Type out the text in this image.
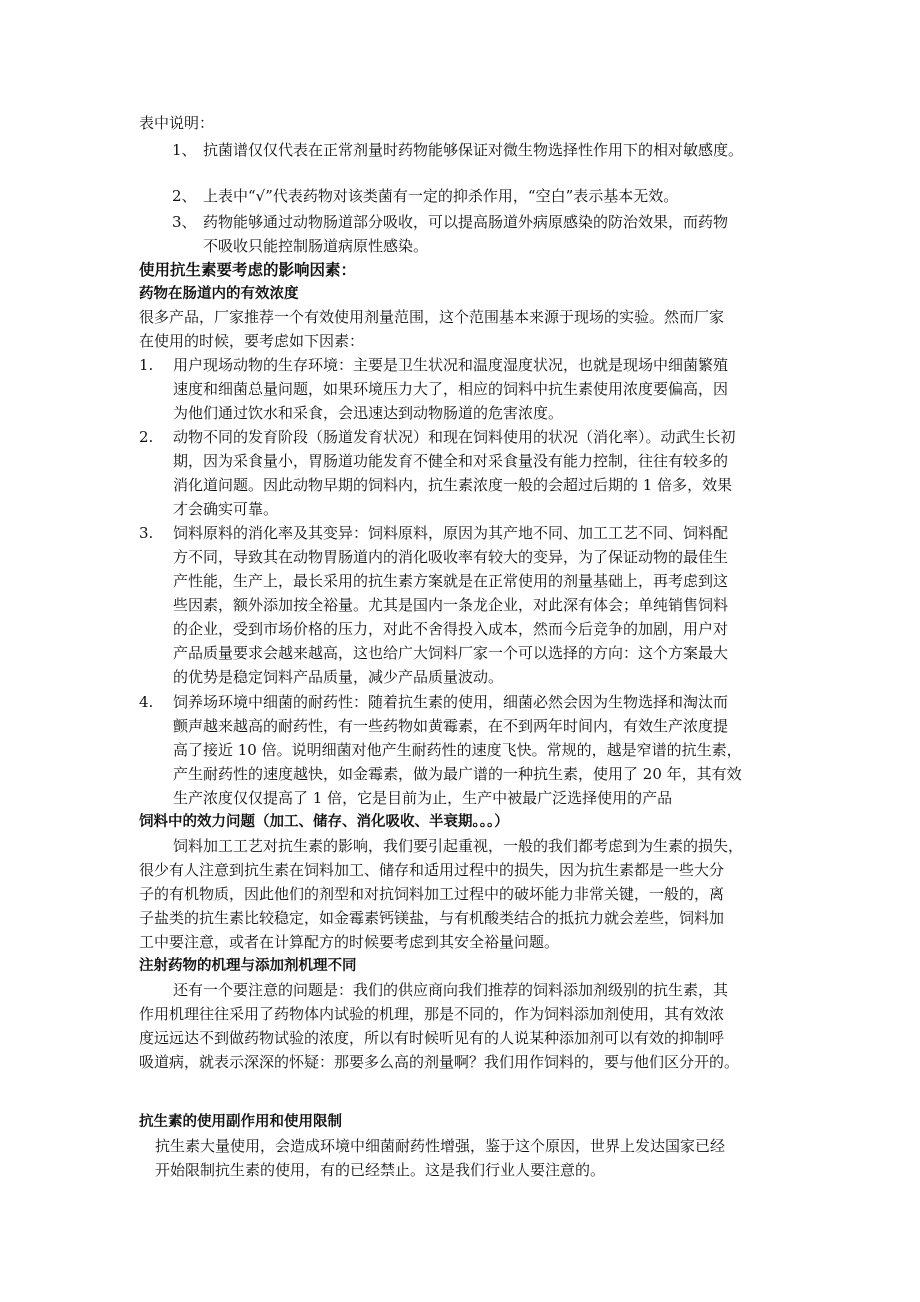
表中说明：
1、 抗菌谱仅仅代表在正常剂量时药物能够保证对微生物选择性作用下的相对敏感度。
2、 上表中“√”代表药物对该类菌有一定的抑杀作用，“空白”表示基本无效。
3、 药物能够通过动物肠道部分吸收，可以提高肠道外病原感染的防治效果，而药物
不吸收只能控制肠道病原性感染。
使用抗生素要考虑的影响因素：
药物在肠道内的有效浓度
很多产品，厂家推荐一个有效使用剂量范围，这个范围基本来源于现场的实验。然而厂家
在使用的时候，要考虑如下因素：
1. 用户现场动物的生存环境：主要是卫生状况和温度湿度状况，也就是现场中细菌繁殖
速度和细菌总量问题，如果环境压力大了，相应的饲料中抗生素使用浓度要偏高，因
为他们通过饮水和采食，会迅速达到动物肠道的危害浓度。
2. 动物不同的发育阶段（肠道发育状况）和现在饲料使用的状况（消化率）。动武生长初
期，因为采食量小，胃肠道功能发育不健全和对采食量没有能力控制，往往有较多的
消化道问题。因此动物早期的饲料内，抗生素浓度一般的会超过后期的 1 倍多，效果
才会确实可靠。
3. 饲料原料的消化率及其变异：饲料原料，原因为其产地不同、加工工艺不同、饲料配
方不同，导致其在动物胃肠道内的消化吸收率有较大的变异，为了保证动物的最佳生
产性能，生产上，最长采用的抗生素方案就是在正常使用的剂量基础上，再考虑到这
些因素，额外添加按全裕量。尤其是国内一条龙企业，对此深有体会；单纯销售饲料
的企业，受到市场价格的压力，对此不舍得投入成本，然而今后竞争的加剧，用户对
产品质量要求会越来越高，这也给广大饲料厂家一个可以选择的方向：这个方案最大
的优势是稳定饲料产品质量，减少产品质量波动。
4. 饲养场环境中细菌的耐药性：随着抗生素的使用，细菌必然会因为生物选择和淘汰而
颤声越来越高的耐药性，有一些药物如黄霉素，在不到两年时间内，有效生产浓度提
高了接近 10 倍。说明细菌对他产生耐药性的速度飞快。常规的，越是窄谱的抗生素，
产生耐药性的速度越快，如金霉素，做为最广谱的一种抗生素，使用了 20 年，其有效
生产浓度仅仅提高了 1 倍，它是目前为止，生产中被最广泛选择使用的产品
饲料中的效力问题（加工、储存、消化吸收、半衰期。。。）
饲料加工工艺对抗生素的影响，我们要引起重视，一般的我们都考虑到为生素的损失，
很少有人注意到抗生素在饲料加工、储存和适用过程中的损失，因为抗生素都是一些大分
子的有机物质，因此他们的剂型和对抗饲料加工过程中的破坏能力非常关键，一般的，离
子盐类的抗生素比较稳定，如金霉素钙镁盐，与有机酸类结合的抵抗力就会差些，饲料加
工中要注意，或者在计算配方的时候要考虑到其安全裕量问题。
注射药物的机理与添加剂机理不同
还有一个要注意的问题是：我们的供应商向我们推荐的饲料添加剂级别的抗生素，其
作用机理往往采用了药物体内试验的机理，那是不同的，作为饲料添加剂使用，其有效浓
度远远达不到做药物试验的浓度，所以有时候听见有的人说某种添加剂可以有效的抑制呼
吸道病，就表示深深的怀疑：那要多么高的剂量啊？我们用作饲料的，要与他们区分开的。
抗生素的使用副作用和使用限制
抗生素大量使用，会造成环境中细菌耐药性增强，鉴于这个原因，世界上发达国家已经
开始限制抗生素的使用，有的已经禁止。这是我们行业人要注意的。
